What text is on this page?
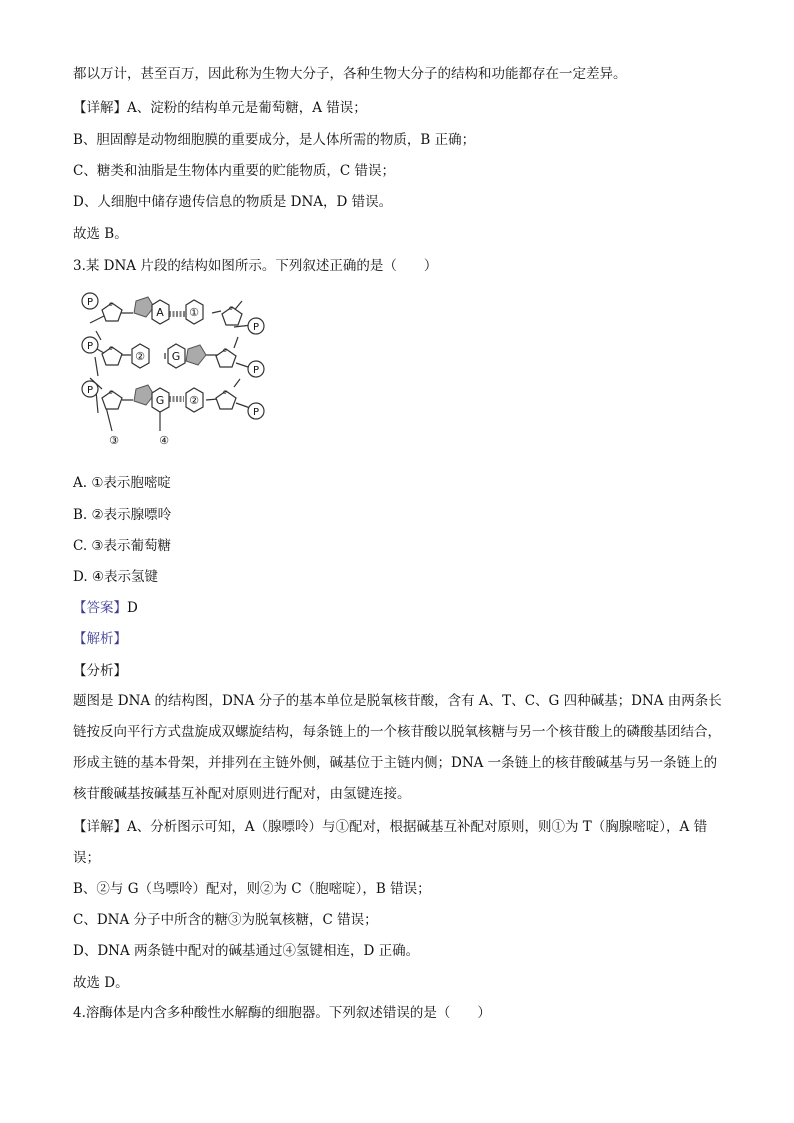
都以万计，甚至百万，因此称为生物大分子，各种生物大分子的结构和功能都存在一定差异。
【详解】A、淀粉的结构单元是葡萄糖，A 错误；
B、胆固醇是动物细胞膜的重要成分，是人体所需的物质，B 正确；
C、糖类和油脂是生物体内重要的贮能物质，C 错误；
D、人细胞中储存遗传信息的物质是 DNA，D 错误。
故选 B。
3.某 DNA 片段的结构如图所示。下列叙述正确的是（　　）
P
P
P
P
P
P
o
o
o
o
o
o
A ①
② G
G ②
③	④
A. ①表示胞嘧啶
B. ②表示腺嘌呤
C. ③表示葡萄糖
D. ④表示氢键
【答案】D
【解析】
【分析】
题图是 DNA 的结构图，DNA 分子的基本单位是脱氧核苷酸，含有 A、T、C、G 四种碱基；DNA 由两条长链按反向平行方式盘旋成双螺旋结构，每条链上的一个核苷酸以脱氧核糖与另一个核苷酸上的磷酸基团结合，形成主链的基本骨架，并排列在主链外侧，碱基位于主链内侧；DNA 一条链上的核苷酸碱基与另一条链上的核苷酸碱基按碱基互补配对原则进行配对，由氢键连接。
【详解】A、分析图示可知，A（腺嘌呤）与①配对，根据碱基互补配对原则，则①为 T（胸腺嘧啶），A 错误；
B、②与 G（鸟嘌呤）配对，则②为 C（胞嘧啶），B 错误；
C、DNA 分子中所含的糖③为脱氧核糖，C 错误；
D、DNA 两条链中配对的碱基通过④氢键相连，D 正确。
故选 D。
4.溶酶体是内含多种酸性水解酶的细胞器。下列叙述错误的是（　　）
